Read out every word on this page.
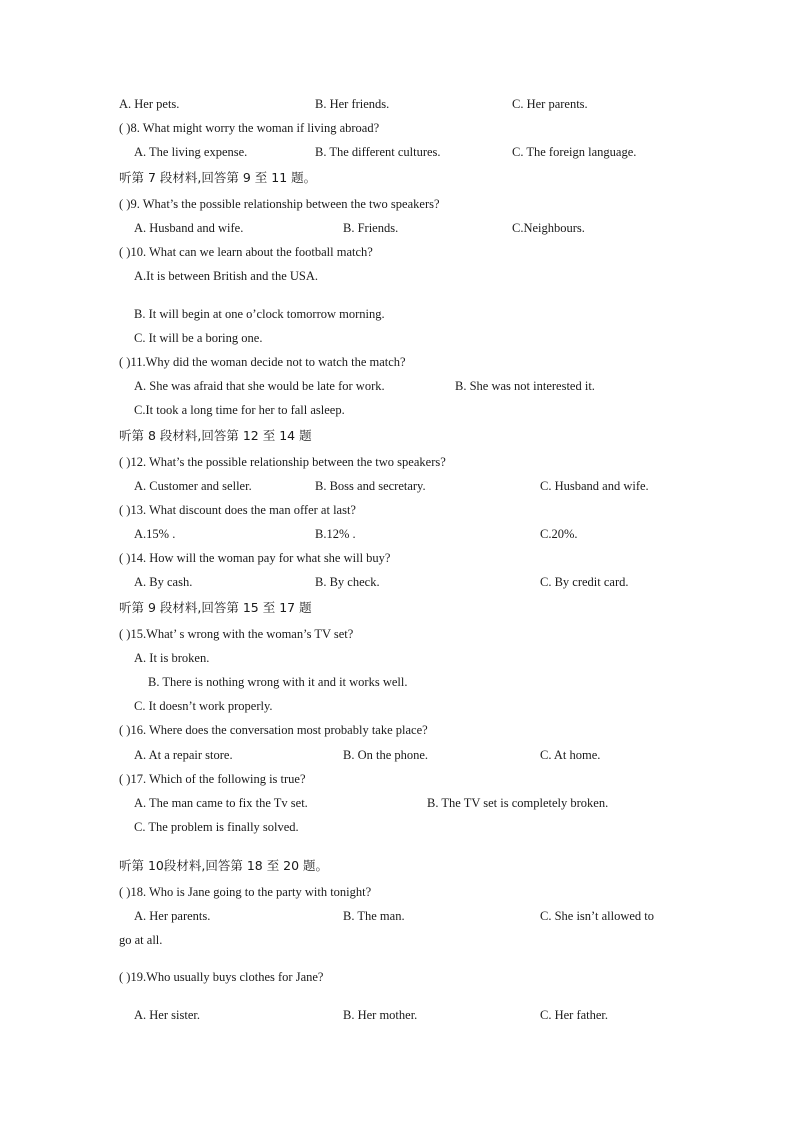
A. Her pets.	B. Her friends.	C. Her parents.
( )8. What might worry the woman if living abroad?
A. The living expense.	B. The different cultures.	C. The foreign language.
听第 7 段材料,回答第 9 至 11 题。
( )9. What’s the possible relationship between the two speakers?
A. Husband and wife.	B. Friends.	C.Neighbours.
( )10. What can we learn about the football match?
A.It is between British and the USA.
B. It will begin at one o’clock tomorrow morning.
C. It will be a boring one.
( )11.Why did the woman decide not to watch the match?
A. She was afraid that she would be late for work.	B. She was not interested it.
C.It took a long time for her to fall asleep.
听第 8 段材料,回答第 12 至 14 题
( )12. What’s the possible relationship between the two speakers?
A. Customer and seller.	B. Boss and secretary.	C. Husband and wife.
( )13. What discount does the man offer at last?
A.15% .	B.12% .	C.20%.
( )14. How will the woman pay for what she will buy?
A. By cash.	B. By check.	C. By credit card.
听第 9 段材料,回答第 15 至 17 题
( )15.What’ s wrong with the woman’s TV set?
A. It is broken.
B. There is nothing wrong with it and it works well.
C. It doesn’t work properly.
( )16. Where does the conversation most probably take place?
A. At a repair store.	B. On the phone.	C. At home.
( )17. Which of the following is true?
A. The man came to fix the Tv set.	B. The TV set is completely broken.
C. The problem is finally solved.
听第 10段材料,回答第 18 至 20 题。
( )18. Who is Jane going to the party with tonight?
A. Her parents.	B. The man.	C. She isn’t allowed to
go at all.
( )19.Who usually buys clothes for Jane?
A. Her sister.	B. Her mother.	C. Her father.
